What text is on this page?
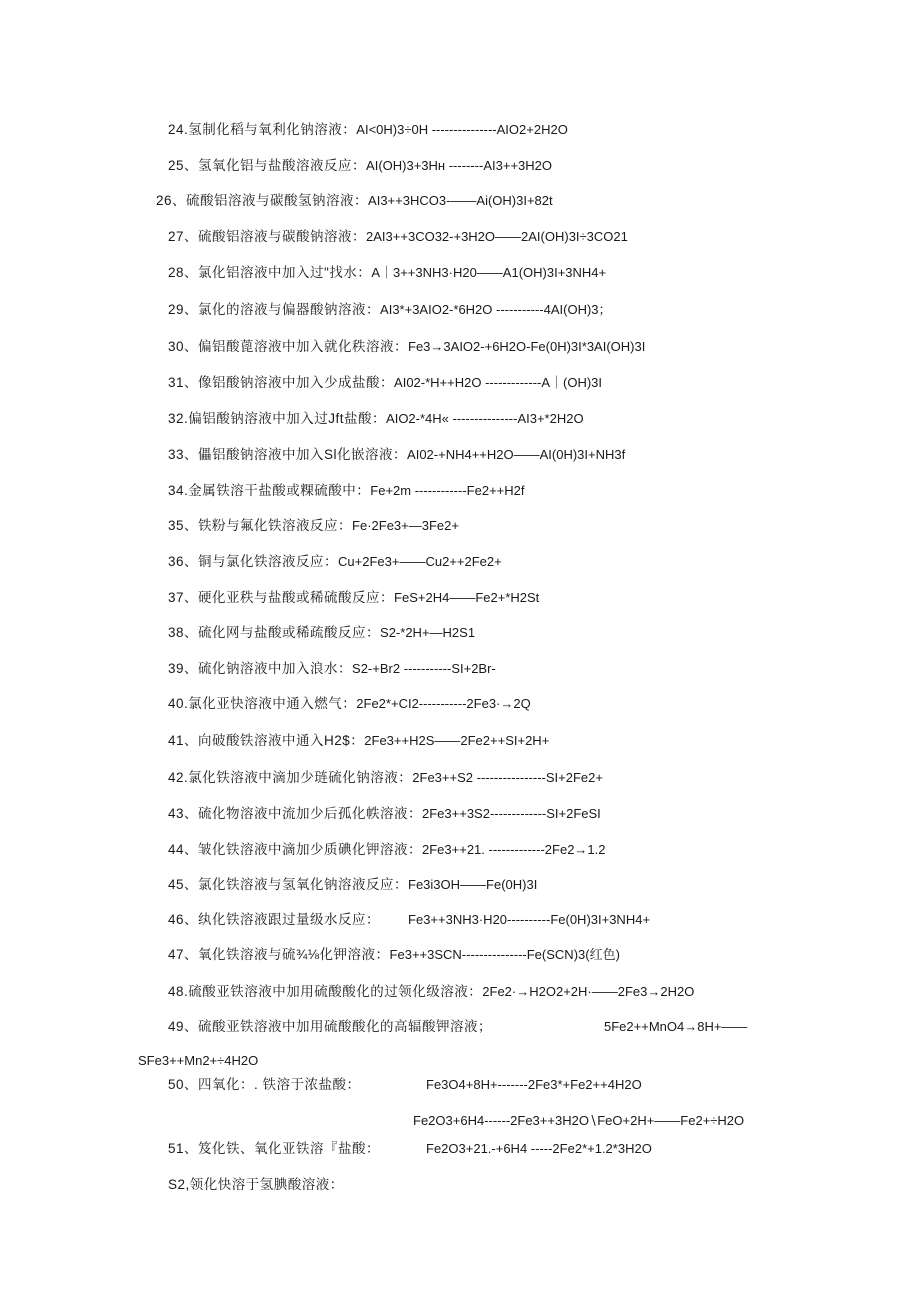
24.氢制化稻与氧利化钠溶液：AI<0H)3÷0H ---------------AIO2+2H2O
25、氢氧化铝与盐酸溶液反应：AI(OH)3+3Hн --------AI3++3H2O
26、硫酸铝溶液与碳酸氢钠溶液：AI3++3HCO3-——Ai(OH)3I+82t
27、硫酸铝溶液与碳酸钠溶液：2AI3++3CO32-+3H2O——2AI(OH)3I÷3CO21
28、氯化铝溶液中加入过"找水：A｜3++3NH3·H20——A1(OH)3I+3NH4+
29、氯化的溶液与偏器酸钠溶液：AI3*+3AIO2-*6H2O -----------4AI(OH)3；
30、偏铝酸蓖溶液中加入就化秩溶液：Fe3→3AIO2-+6H2O-Fe(0H)3I*3AI(OH)3I
31、像铝酸钠溶液中加入少成盐酸：AI02-*H++H2O -------------A｜(OH)3I
32.偏铝酸钠溶液中加入过Jft盐酸：AIO2-*4H« ---------------AI3+*2H2O
33、儡铝酸钠溶液中加入Sl化嵌溶液：AI02-+NH4++H2O——AI(0H)3I+NH3f
34.金属铁溶干盐酸或粿硫酸中：Fe+2m ------------Fe2++H2f
35、铁粉与氟化铁溶液反应：Fe·2Fe3+—3Fe2+
36、铜与氯化铁溶液反应：Cu+2Fe3+——Cu2++2Fe2+
37、硬化亚秩与盐酸或稀硫酸反应：FeS+2H4——Fe2+*H2St
38、硫化网与盐酸或稀疏酸反应：S2-*2H+—H2S1
39、硫化钠溶液中加入浪水：S2-+Br2 -----------SI+2Br-
40.氯化亚快溶液中通入燃气：2Fe2*+CI2-----------2Fe3·→2Q
41、向破酸铁溶液中通入H2$：2Fe3++H2S——2Fe2++SI+2H+
42.氯化铁溶液中滴加少琏硫化钠溶液：2Fe3++S2 ----------------SI+2Fe2+
43、硫化物溶液中流加少后孤化帙溶液：2Fe3++3S2-------------SI+2FeSI
44、皱化铁溶液中滴加少质碘化钾溶液：2Fe3++21. -------------2Fe2→1.2
45、氯化铁溶液与氢氧化钠溶液反应：Fe3i3OH——Fe(0H)3I
46、纨化铁溶液跟过量级水反应： Fe3++3NH3·H20----------Fe(0H)3I+3NH4+
47、氧化铁溶液与硫¾⅛化钾溶液：Fe3++3SCN---------------Fe(SCN)3(红色)
48.硫酸亚铁溶液中加用硫酸酸化的过领化级溶液：2Fe2·→H2O2+2H·——2Fe3→2H2O
49、硫酸亚铁溶液中加用硫酸酸化的高辐酸钾溶液；	5Fe2++MnO4→8H+——
SFe3++Mn2+÷4H2O
50、四氧化：. 铁溶于浓盐酸：	Fe3O4+8H+-------2Fe3*+Fe2++4H2O
Fe2O3+6H4------2Fe3++3H2O∖FeO+2H+——Fe2+÷H2O
51、笈化铁、氧化亚铁溶『盐酸：	Fe2O3+21.-+6H4 -----2Fe2*+1.2*3H2O
S2,领化快溶于氢腆酸溶液：
